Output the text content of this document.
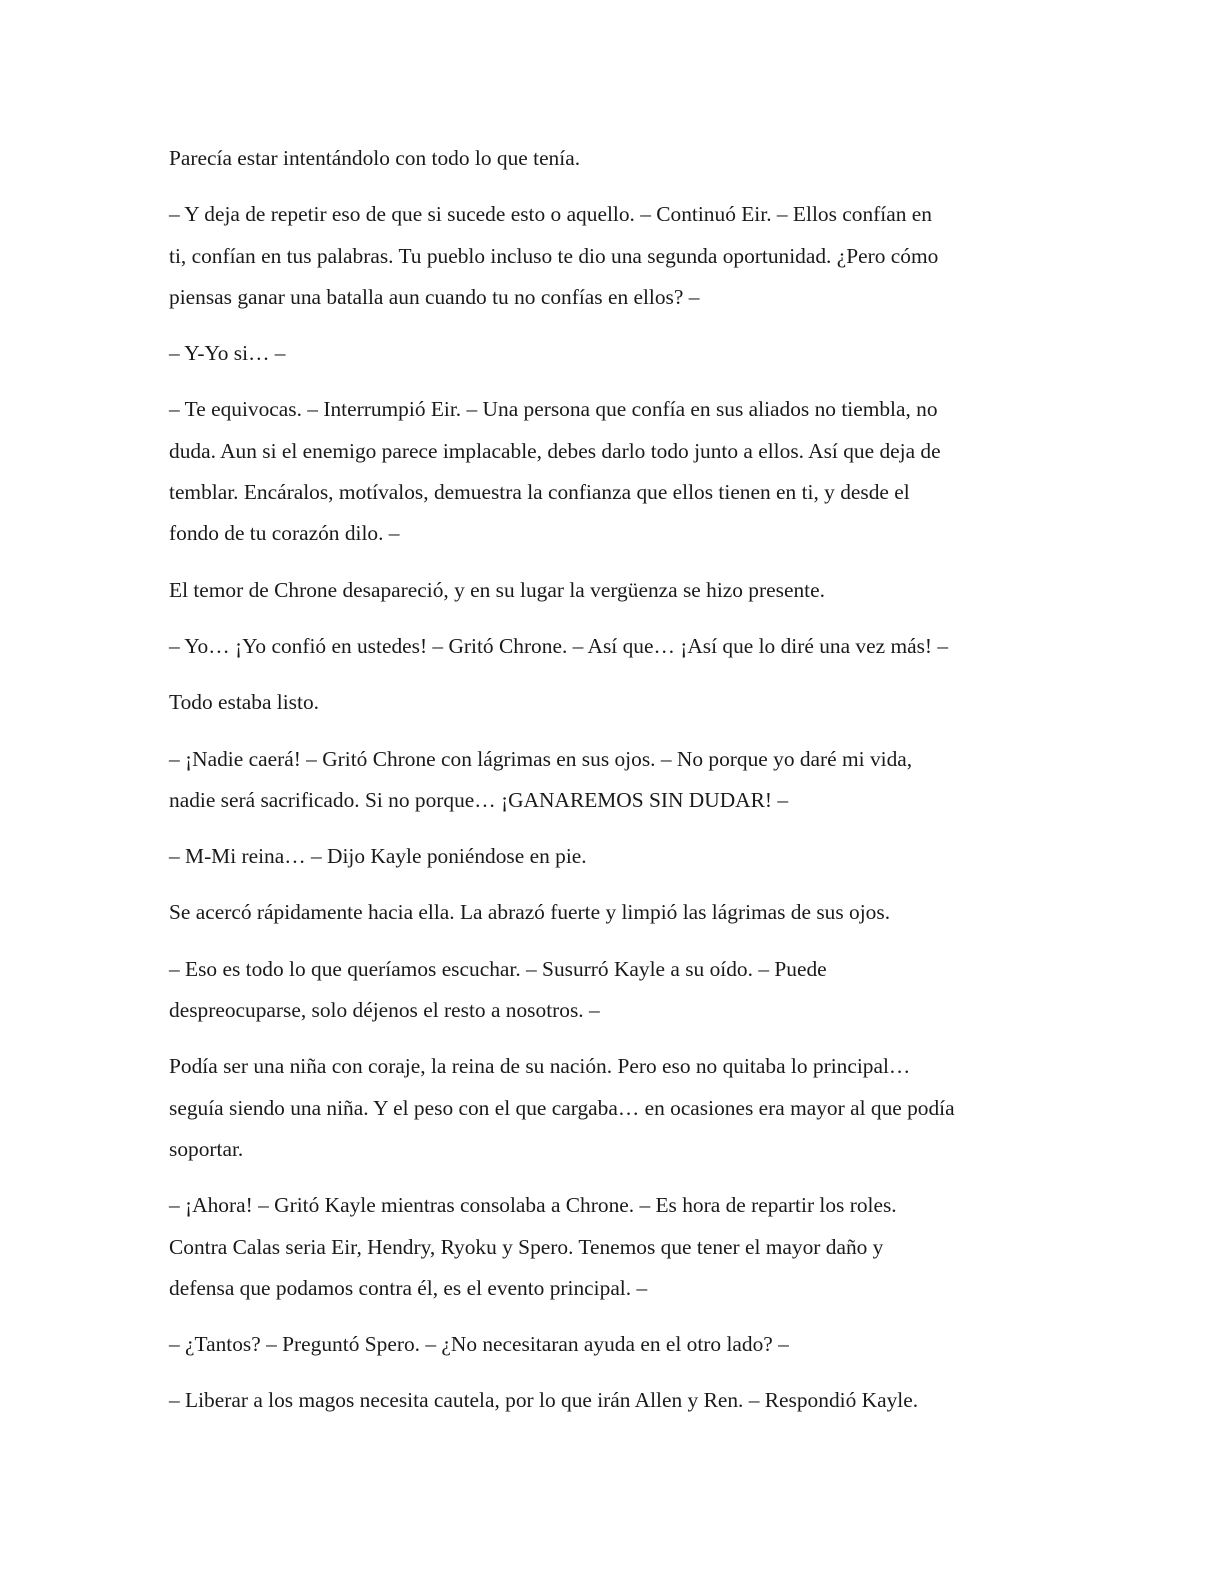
Parecía estar intentándolo con todo lo que tenía.

– Y deja de repetir eso de que si sucede esto o aquello. – Continuó Eir. – Ellos confían en
ti, confían en tus palabras. Tu pueblo incluso te dio una segunda oportunidad. ¿Pero cómo
piensas ganar una batalla aun cuando tu no confías en ellos? –

– Y-Yo si… –

– Te equivocas. – Interrumpió Eir. – Una persona que confía en sus aliados no tiembla, no
duda. Aun si el enemigo parece implacable, debes darlo todo junto a ellos. Así que deja de
temblar. Encáralos, motívalos, demuestra la confianza que ellos tienen en ti, y desde el
fondo de tu corazón dilo. –

El temor de Chrone desapareció, y en su lugar la vergüenza se hizo presente.

– Yo… ¡Yo confió en ustedes! – Gritó Chrone. – Así que… ¡Así que lo diré una vez más! –

Todo estaba listo.

– ¡Nadie caerá! – Gritó Chrone con lágrimas en sus ojos. – No porque yo daré mi vida,
nadie será sacrificado. Si no porque… ¡GANAREMOS SIN DUDAR! –

– M-Mi reina… – Dijo Kayle poniéndose en pie.

Se acercó rápidamente hacia ella. La abrazó fuerte y limpió las lágrimas de sus ojos.

– Eso es todo lo que queríamos escuchar. – Susurró Kayle a su oído. – Puede
despreocuparse, solo déjenos el resto a nosotros. –

Podía ser una niña con coraje, la reina de su nación. Pero eso no quitaba lo principal…
seguía siendo una niña. Y el peso con el que cargaba… en ocasiones era mayor al que podía
soportar.

– ¡Ahora! – Gritó Kayle mientras consolaba a Chrone. – Es hora de repartir los roles.
Contra Calas seria Eir, Hendry, Ryoku y Spero. Tenemos que tener el mayor daño y
defensa que podamos contra él, es el evento principal. –

– ¿Tantos? – Preguntó Spero. – ¿No necesitaran ayuda en el otro lado? –

– Liberar a los magos necesita cautela, por lo que irán Allen y Ren. – Respondió Kayle.
